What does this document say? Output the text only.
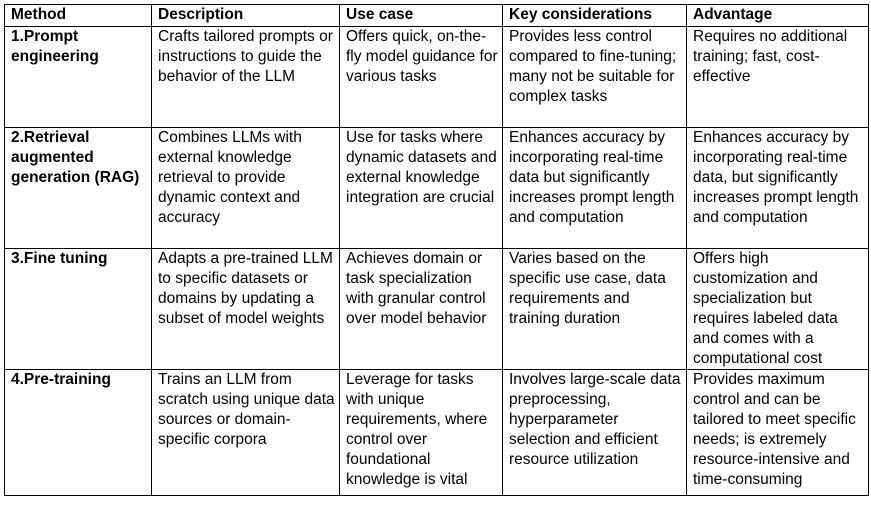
Method	Description	Use case	Key considerations	Advantage
1.Prompt engineering	Crafts tailored prompts or instructions to guide the behavior of the LLM	Offers quick, on-the-fly model guidance for various tasks	Provides less control compared to fine-tuning; many not be suitable for complex tasks	Requires no additional training; fast, cost-effective
2.Retrieval augmented generation (RAG)	Combines LLMs with external knowledge retrieval to provide dynamic context and accuracy	Use for tasks where dynamic datasets and external knowledge integration are crucial	Enhances accuracy by incorporating real-time data but significantly increases prompt length and computation	Enhances accuracy by incorporating real-time data, but significantly increases prompt length and computation
3.Fine tuning	Adapts a pre-trained LLM to specific datasets or domains by updating a subset of model weights	Achieves domain or task specialization with granular control over model behavior	Varies based on the specific use case, data requirements and training duration	Offers high customization and specialization but requires labeled data and comes with a computational cost
4.Pre-training	Trains an LLM from scratch using unique data sources or domain-specific corpora	Leverage for tasks with unique requirements, where control over foundational knowledge is vital	Involves large-scale data preprocessing, hyperparameter selection and efficient resource utilization	Provides maximum control and can be tailored to meet specific needs; is extremely resource-intensive and time-consuming
